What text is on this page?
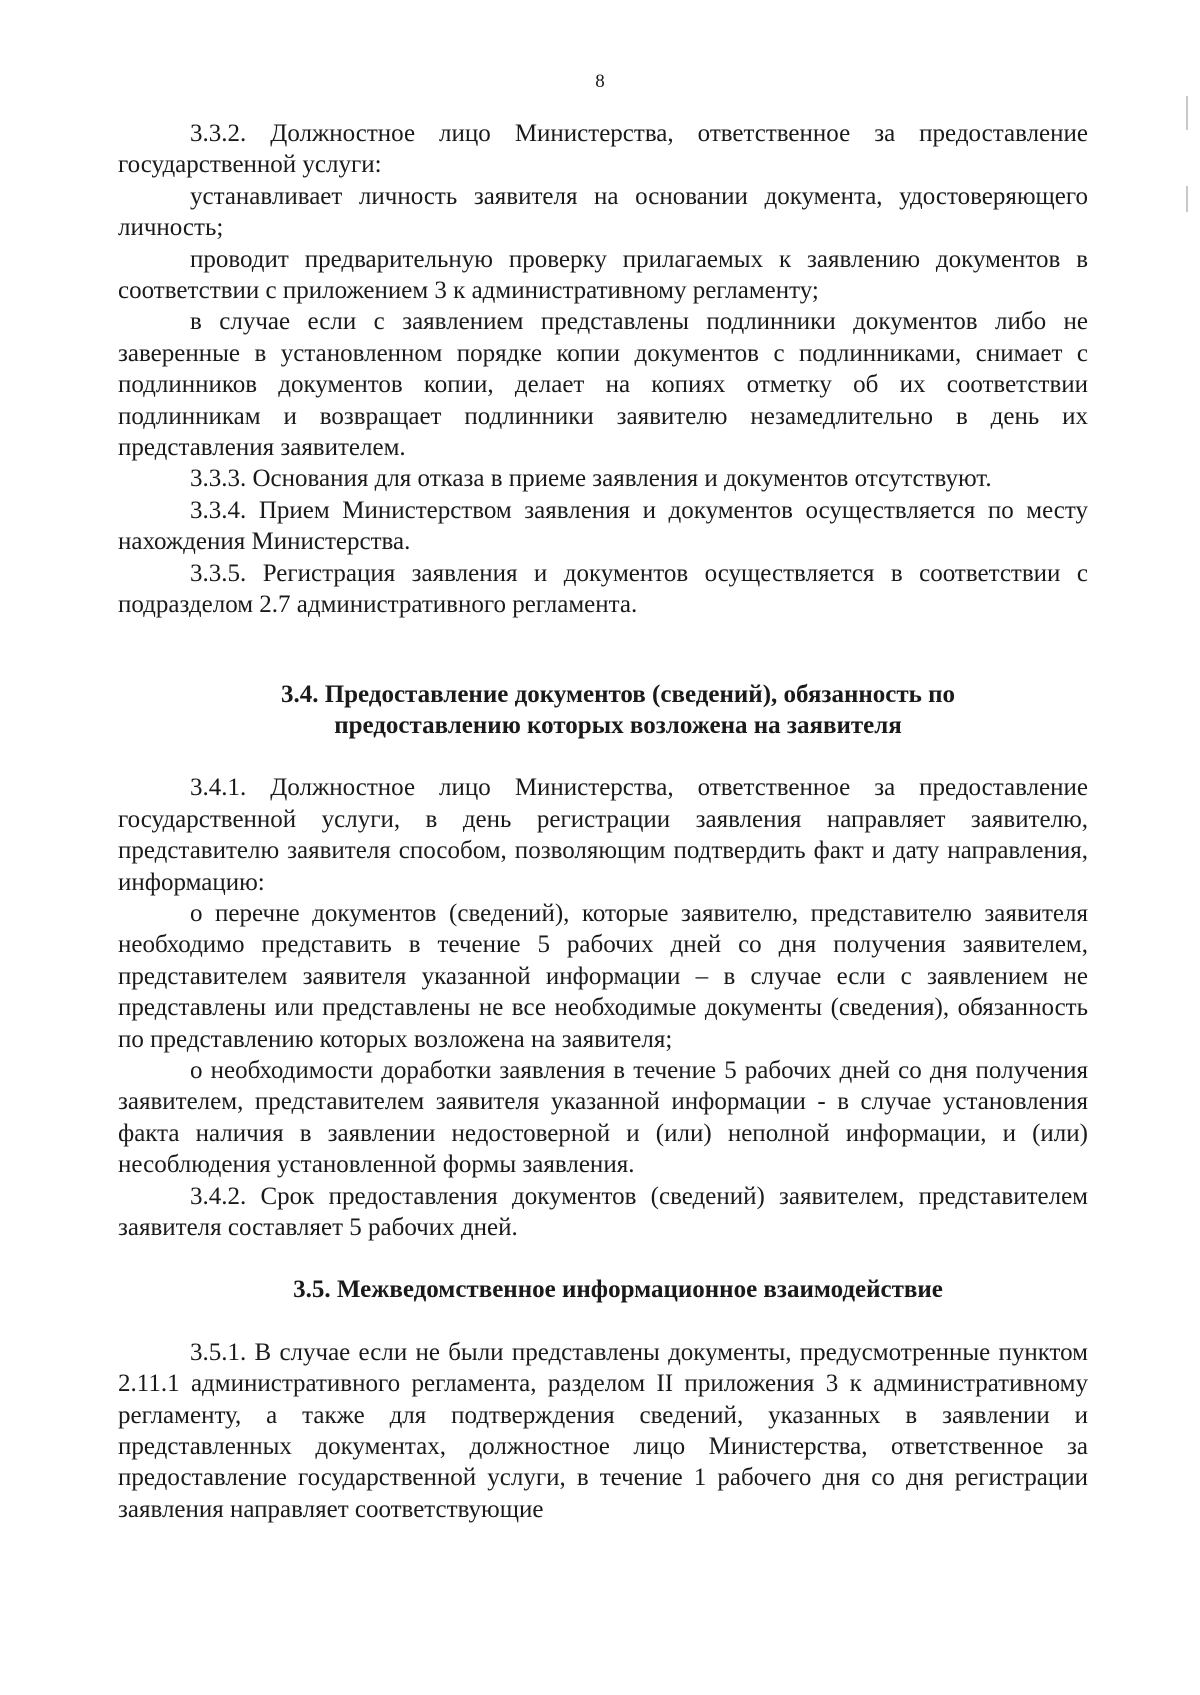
8

3.3.2. Должностное лицо Министерства, ответственное за предоставление государственной услуги:

устанавливает личность заявителя на основании документа, удостоверяющего личность;

проводит предварительную проверку прилагаемых к заявлению документов в соответствии с приложением 3 к административному регламенту;

в случае если с заявлением представлены подлинники документов либо не заверенные в установленном порядке копии документов с подлинниками, снимает с подлинников документов копии, делает на копиях отметку об их соответствии подлинникам и возвращает подлинники заявителю незамедлительно в день их представления заявителем.

3.3.3. Основания для отказа в приеме заявления и документов отсутствуют.

3.3.4. Прием Министерством заявления и документов осуществляется по месту нахождения Министерства.

3.3.5. Регистрация заявления и документов осуществляется в соответствии с подразделом 2.7 административного регламента.

3.4. Предоставление документов (сведений), обязанность по
предоставлению которых возложена на заявителя

3.4.1. Должностное лицо Министерства, ответственное за предоставление государственной услуги, в день регистрации заявления направляет заявителю, представителю заявителя способом, позволяющим подтвердить факт и дату направления, информацию:

о перечне документов (сведений), которые заявителю, представителю заявителя необходимо представить в течение 5 рабочих дней со дня получения заявителем, представителем заявителя указанной информации – в случае если с заявлением не представлены или представлены не все необходимые документы (сведения), обязанность по представлению которых возложена на заявителя;

о необходимости доработки заявления в течение 5 рабочих дней со дня получения заявителем, представителем заявителя указанной информации - в случае установления факта наличия в заявлении недостоверной и (или) неполной информации, и (или) несоблюдения установленной формы заявления.

3.4.2. Срок предоставления документов (сведений) заявителем, представителем заявителя составляет 5 рабочих дней.

3.5. Межведомственное информационное взаимодействие

3.5.1. В случае если не были представлены документы, предусмотренные пунктом 2.11.1 административного регламента, разделом II приложения 3 к административному регламенту, а также для подтверждения сведений, указанных в заявлении и представленных документах, должностное лицо Министерства, ответственное за предоставление государственной услуги, в течение 1 рабочего дня со дня регистрации заявления направляет соответствующие
